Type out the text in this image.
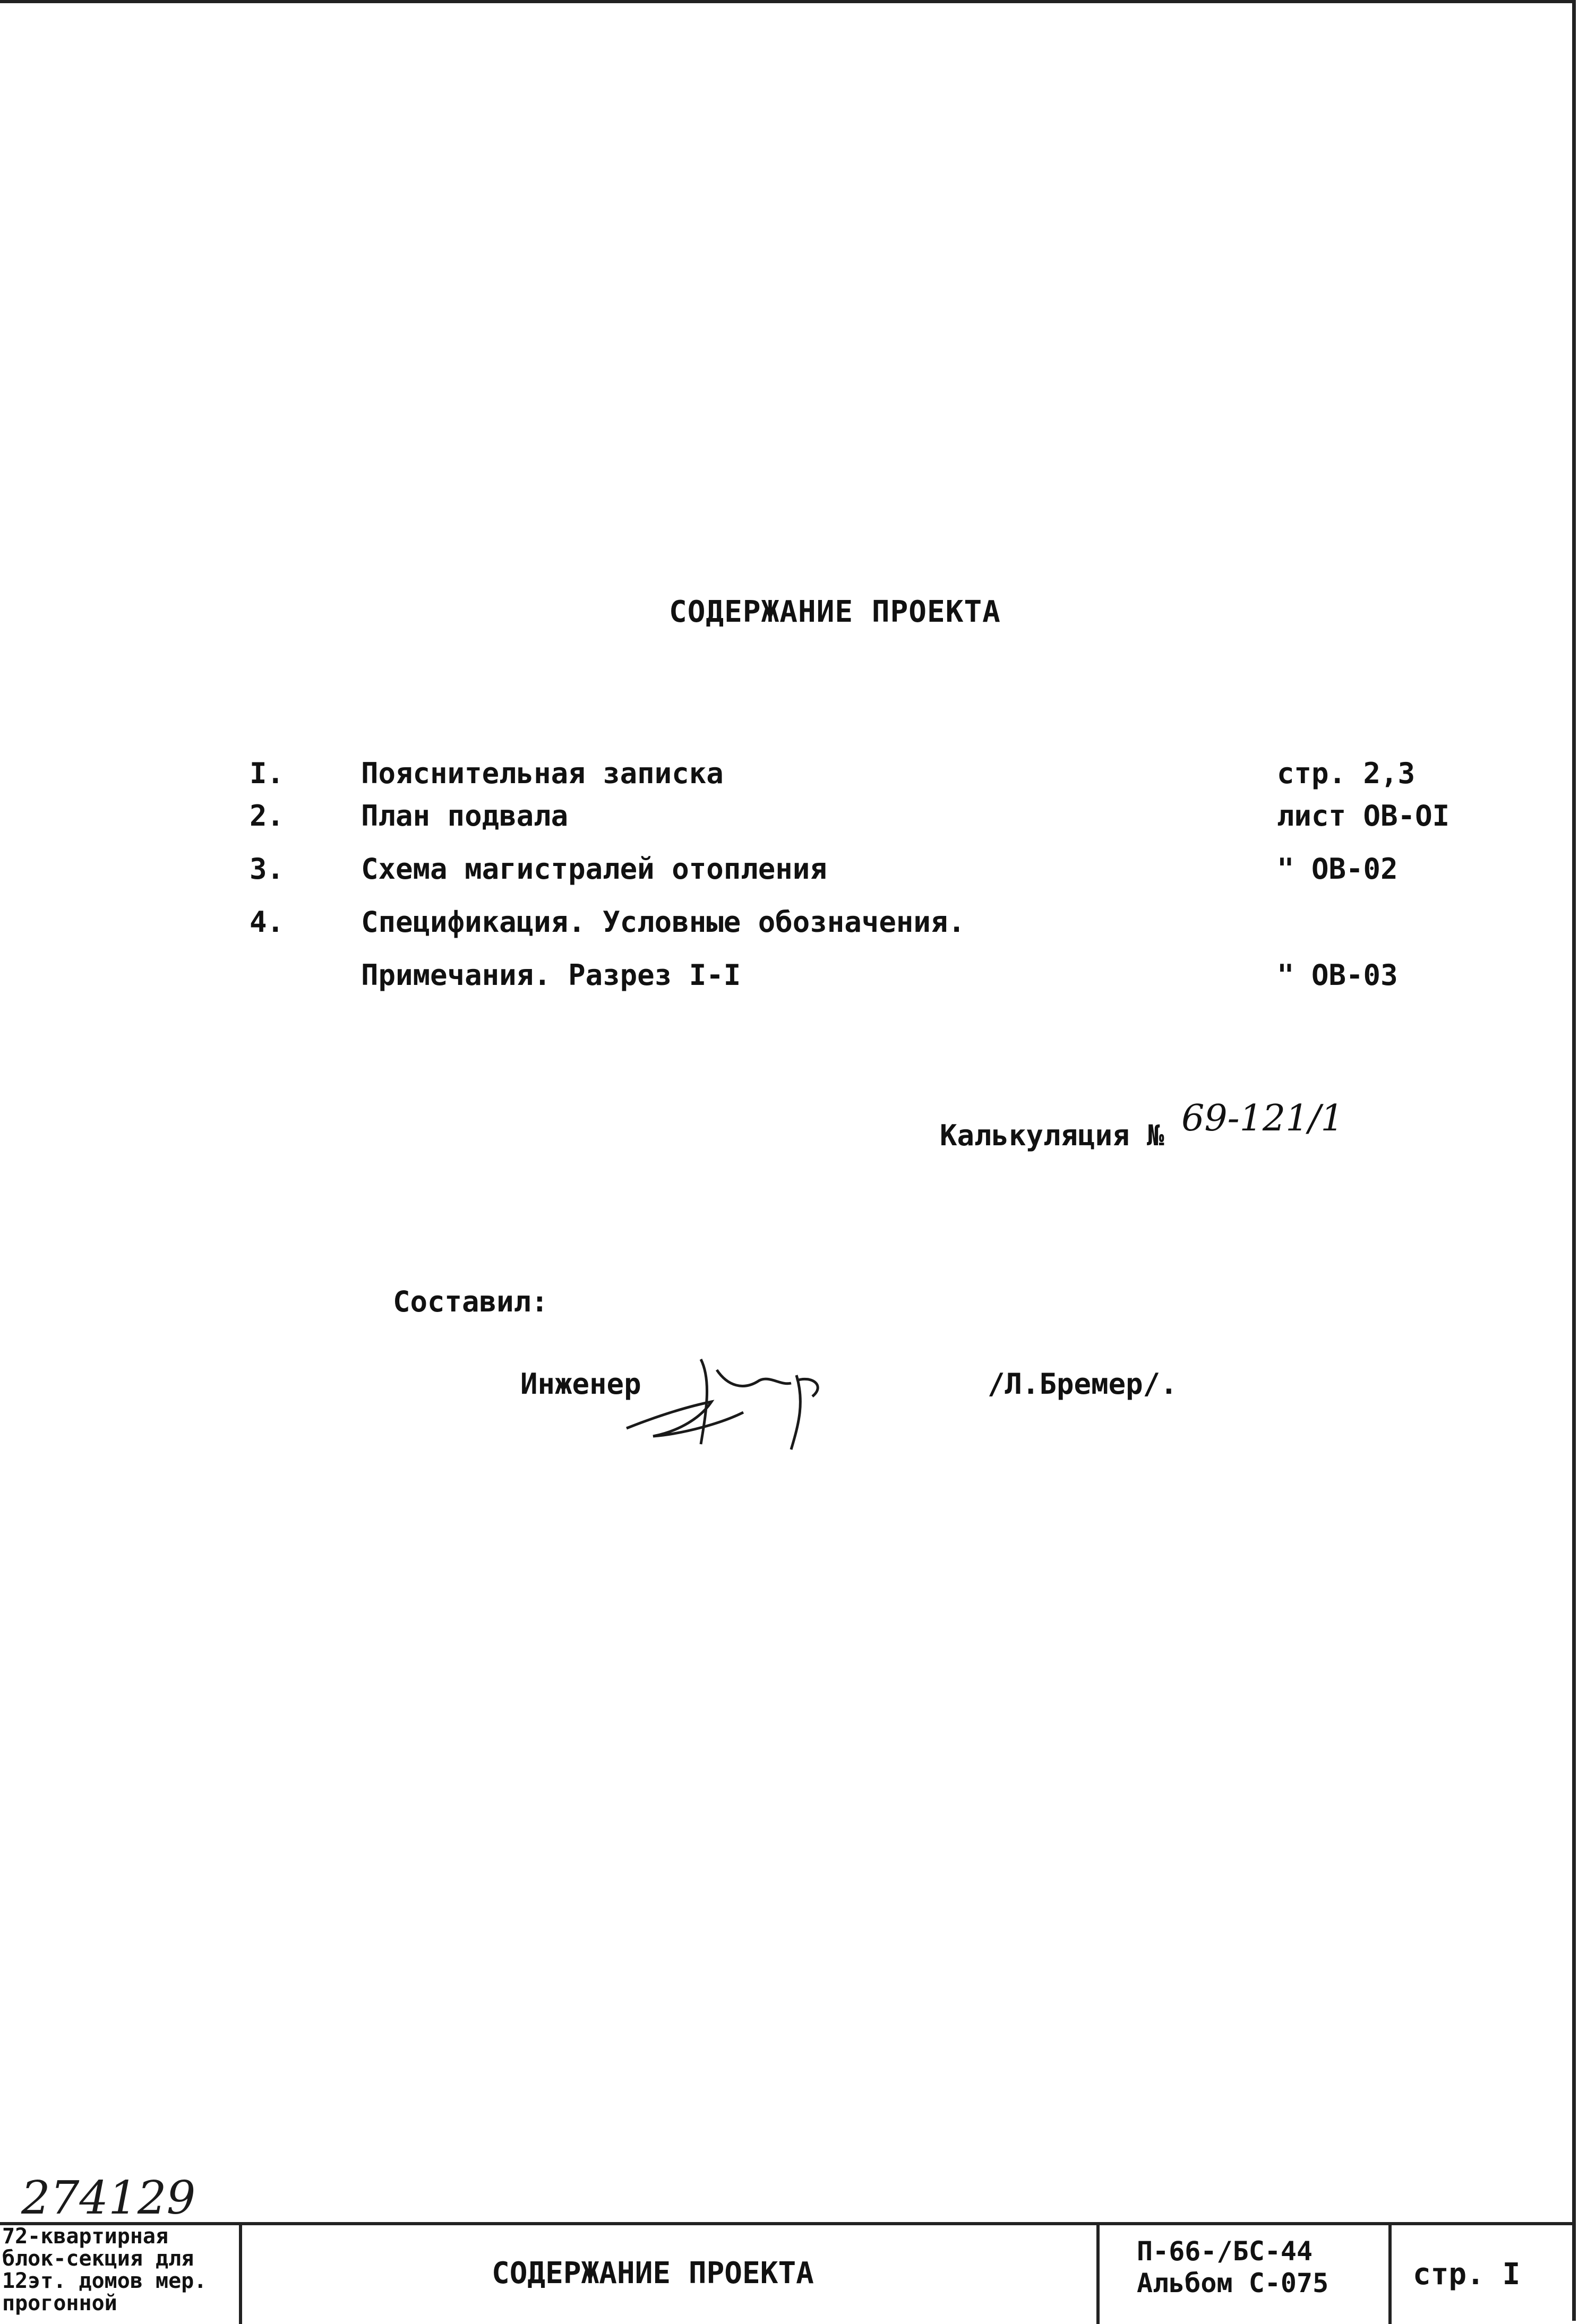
СОДЕРЖАНИЕ ПРОЕКТА
I.	Пояснительная записка	стр. 2,3
2.	План подвала	лист ОВ-ОI
3.	Схема магистралей отопления	" ОВ-02
4.	Спецификация. Условные обозначения.
Примечания. Разрез I-I	" ОВ-03
Калькуляция № 69-121/1
Составил:
Инженер	/Л.Бремер/.
274129
72-квартирная
блок-секция для
12эт. домов мер.
прогонной
СОДЕРЖАНИЕ ПРОЕКТА
П-66-/БС-44
Альбом С-075	стр. I
